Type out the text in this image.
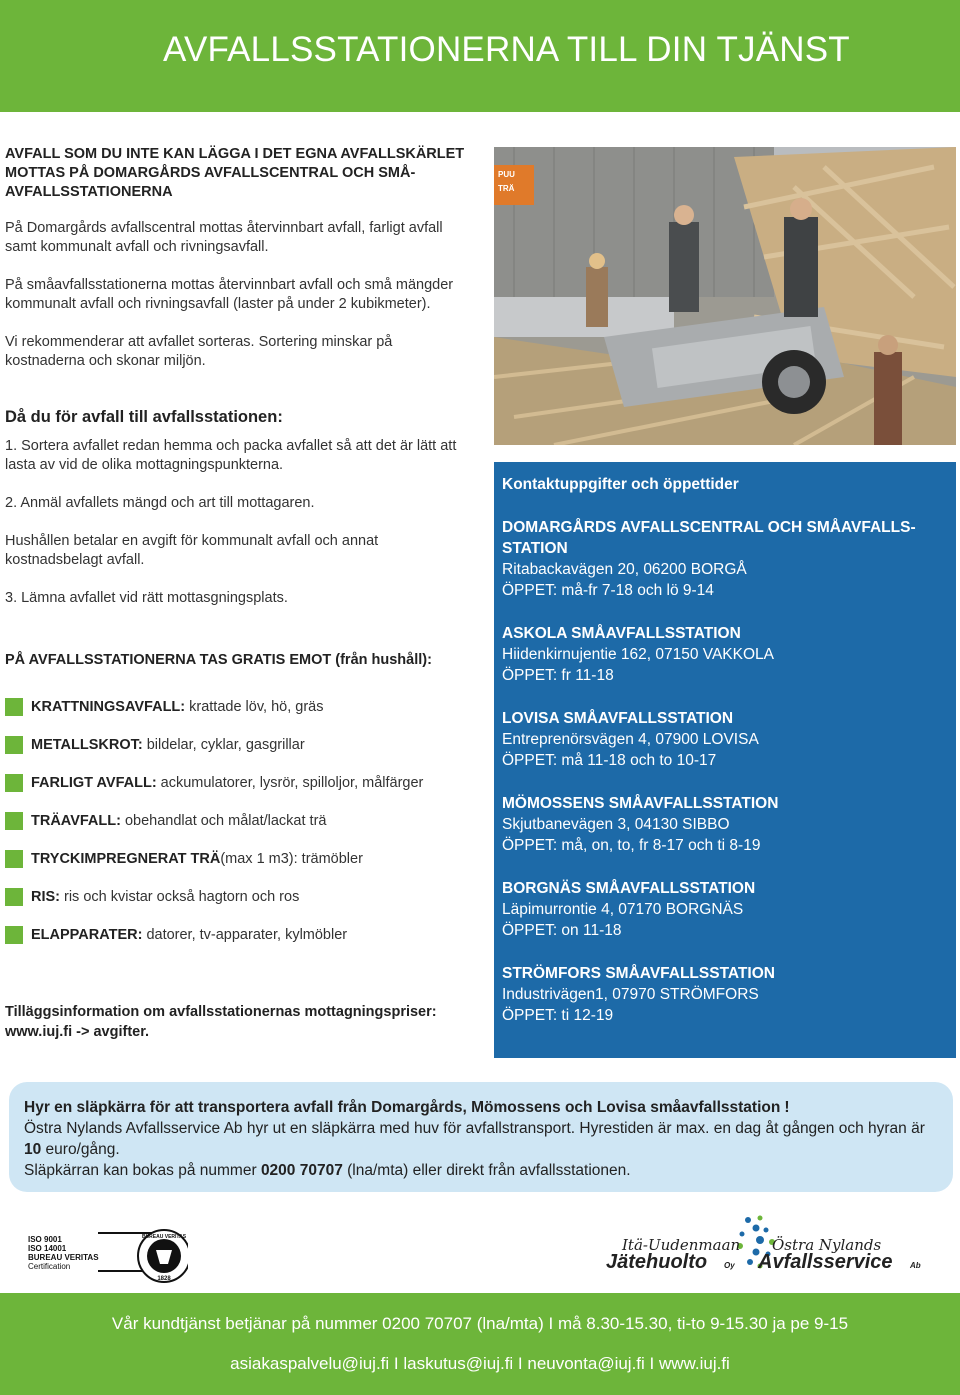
AVFALLSSTATIONERNA TILL DIN TJÄNST

AVFALL SOM DU INTE KAN LÄGGA I DET EGNA AVFALLSKÄRLET MOTTAS PÅ DOMARGÅRDS AVFALLSCENTRAL OCH SMÅ-AVFALLSSTATIONERNA

På Domargårds avfallscentral mottas återvinnbart avfall, farligt avfall samt kommunalt avfall och rivningsavfall.

På småavfallsstationerna mottas återvinnbart avfall och små mängder kommunalt avfall och rivningsavfall (laster på under 2 kubikmeter).

Vi rekommenderar att avfallet sorteras. Sortering minskar på kostnaderna och skonar miljön.

Då du för avfall till avfallsstationen:

1. Sortera avfallet redan hemma och packa avfallet så att det är lätt att lasta av vid de olika mottagningspunkterna.

2. Anmäl avfallets mängd och art till mottagaren.

Hushållen betalar en avgift för kommunalt avfall och annat kostnadsbelagt avfall.

3. Lämna avfallet vid rätt mottasgningsplats.

PÅ AVFALLSSTATIONERNA TAS GRATIS EMOT (från hushåll):
KRATTNINGSAVFALL: krattade löv, hö, gräs
METALLSKROT: bildelar, cyklar, gasgrillar
FARLIGT AVFALL: ackumulatorer, lysrör, spilloljor, målfärger
TRÄAVFALL: obehandlat och målat/lackat trä
TRYCKIMPREGNERAT TRÄ (max 1 m3): trämöbler
RIS: ris och kvistar också hagtorn och ros
ELAPPARATER: datorer, tv-apparater, kylmöbler
Tilläggsinformation om avfallsstationernas mottagningspriser:
www.iuj.fi -> avgifter.
PUU
TRÄ
Kontaktuppgifter och öppettider
DOMARGÅRDS AVFALLSCENTRAL OCH SMÅAVFALLS-STATION
Ritabackavägen 20, 06200 BORGÅ
ÖPPET: må-fr 7-18 och lö 9-14
ASKOLA SMÅAVFALLSSTATION
Hiidenkirnujentie 162, 07150 VAKKOLA
ÖPPET: fr 11-18
LOVISA SMÅAVFALLSSTATION
Entreprenörsvägen 4, 07900 LOVISA
ÖPPET: må 11-18 och to 10-17
MÖMOSSENS SMÅAVFALLSSTATION
Skjutbanevägen 3, 04130 SIBBO
ÖPPET: må, on, to, fr 8-17 och ti 8-19
BORGNÄS SMÅAVFALLSSTATION
Läpimurrontie 4, 07170 BORGNÄS
ÖPPET: on 11-18
STRÖMFORS SMÅAVFALLSSTATION
Industrivägen1, 07970 STRÖMFORS
ÖPPET: ti 12-19
Hyr en släpkärra för att transportera avfall från Domargårds, Mömossens och Lovisa småavfallsstation !
Östra Nylands Avfallsservice Ab hyr ut en släpkärra med huv för avfallstransport. Hyrestiden är max. en dag åt gången och hyran är 10 euro/gång.
Släpkärran kan bokas på nummer 0200 70707 (lna/mta) eller direkt från avfallsstationen.
ISO 9001
ISO 14001
BUREAU VERITAS
Certification
BUREAU VERITAS
1828
Itä-Uudenmaan
Jätehuolto Oy
Östra Nylands
Avfallsservice Ab
Vår kundtjänst betjänar på nummer 0200 70707 (lna/mta) I må 8.30-15.30, ti-to 9-15.30 ja pe 9-15
asiakaspalvelu@iuj.fi I laskutus@iuj.fi I neuvonta@iuj.fi I www.iuj.fi
